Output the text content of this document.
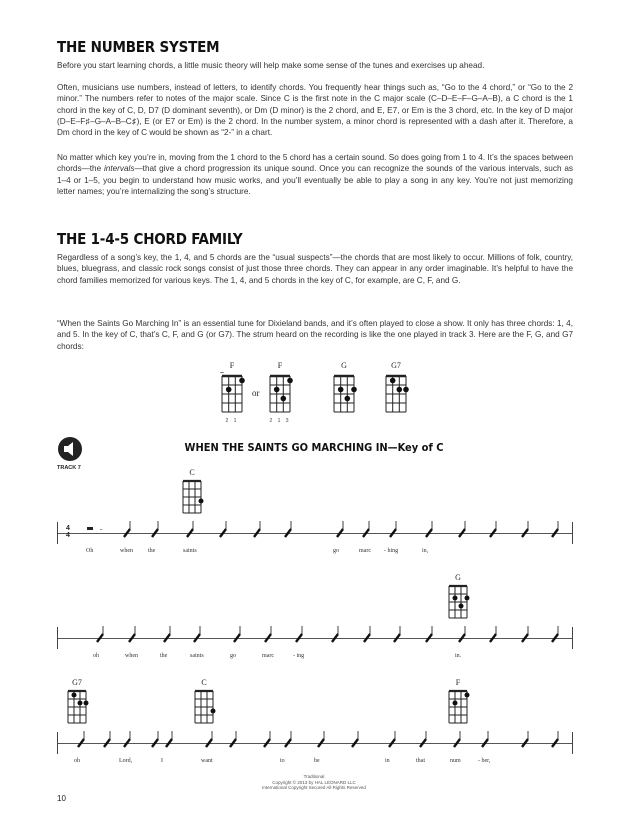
THE NUMBER SYSTEM

Before you start learning chords, a little music theory will help make some sense of the tunes and exercises up ahead.

Often, musicians use numbers, instead of letters, to identify chords. You frequently hear things such as, “Go to the 4 chord,” or “Go to the 2 minor.” The numbers refer to notes of the major scale. Since C is the first note in the C major scale (C–D–E–F–G–A–B), a C chord is the 1 chord in the key of C, D, D7 (D dominant seventh), or Dm (D minor) is the 2 chord, and E, E7, or Em is the 3 chord, etc. In the key of D major (D–E–F♯–G–A–B–C♯), E (or E7 or Em) is the 2 chord. In the number system, a minor chord is represented with a dash after it. Therefore, a Dm chord in the key of C would be shown as “2-” in a chart.

No matter which key you’re in, moving from the 1 chord to the 5 chord has a certain sound. So does going from 1 to 4. It’s the spaces between chords—the intervals—that give a chord progression its unique sound. Once you can recognize the sounds of the various intervals, such as 1–4 or 1–5, you begin to understand how music works, and you’ll eventually be able to play a song in any key. You’re not just memorizing letter names; you’re internalizing the song’s structure.

THE 1-4-5 CHORD FAMILY

Regardless of a song’s key, the 1, 4, and 5 chords are the “usual suspects”—the chords that are most likely to occur. Millions of folk, country, blues, bluegrass, and classic rock songs consist of just those three chords. They can appear in any order imaginable. It’s helpful to have the chord families memorized for various keys. The 1, 4, and 5 chords in the key of C, for example, are C, F, and G.

“When the Saints Go Marching In” is an essential tune for Dixieland bands, and it’s often played to close a show. It only has three chords: 1, 4, and 5. In the key of C, that’s C, F, and G (or G7). The strum heard on the recording is like the one played in track 3. Here are the F, G, and G7 chords:

F
2 1
or
F
2 1 3
G	G7
TRACK 7
WHEN THE SAINTS GO MARCHING IN—Key of C
C
4 4
𝄼
Oh	when	the	saints	go	marc - hing	in,
G
oh	when	the	saints	go	marc	- ing	in.
G7	C	F
oh	Lord,	I	want	to	be	in	that	num	- ber,
Traditional
Copyright © 2013 by HAL LEONARD LLC
International Copyright Secured All Rights Reserved
10
